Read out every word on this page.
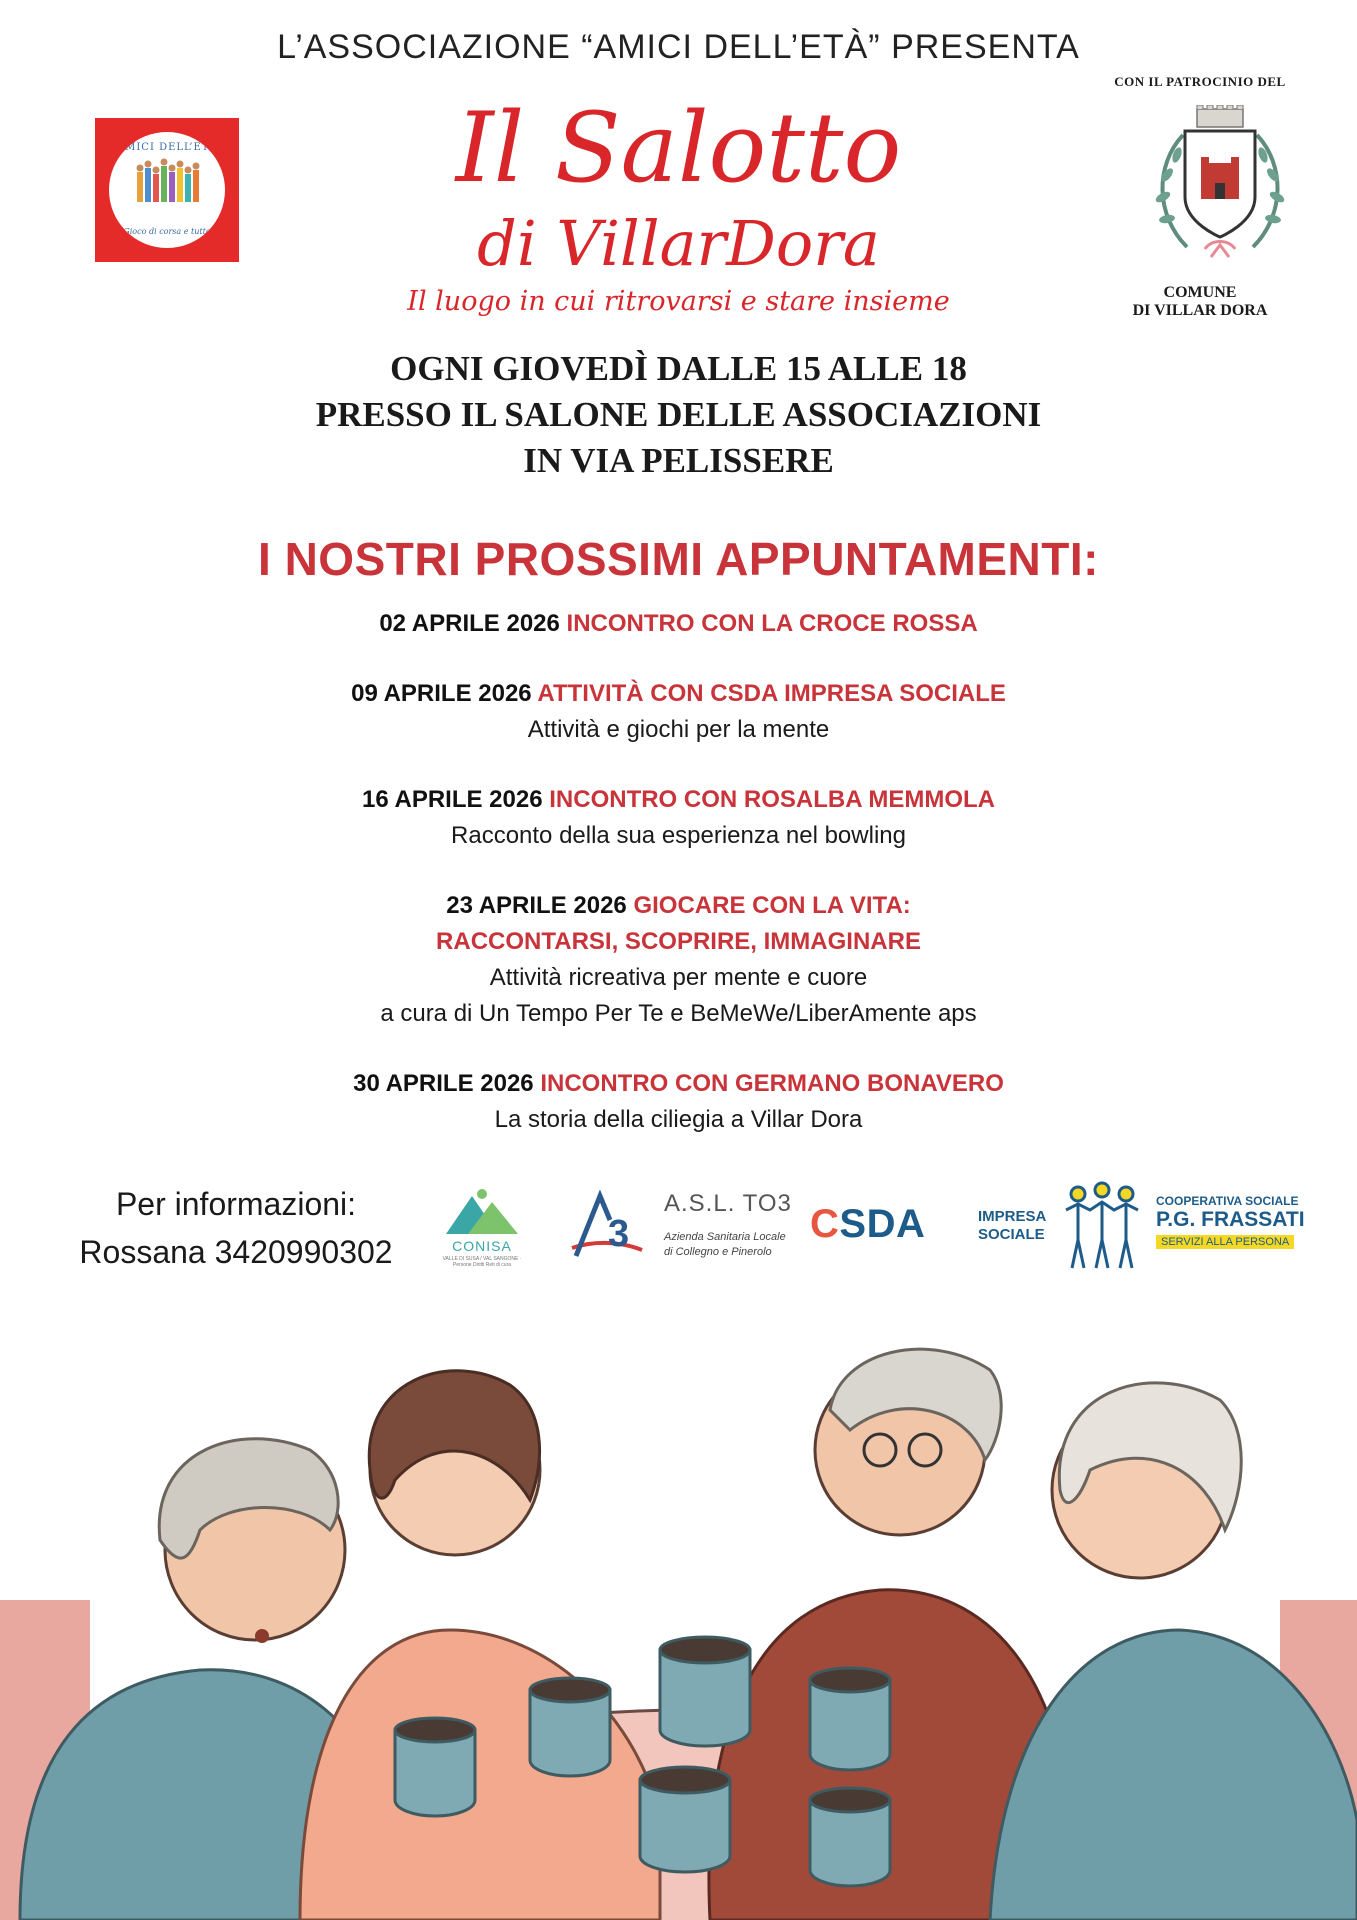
L’ASSOCIAZIONE “AMICI DELL’ETÀ” PRESENTA
AMICI DELL’ETÀ
Gioco di corsa e tutto
Il Salotto
di VillarDora
Il luogo in cui ritrovarsi e stare insieme
CON IL PATROCINIO DEL
COMUNE
DI VILLAR DORA
OGNI GIOVEDÌ DALLE 15 ALLE 18
PRESSO IL SALONE DELLE ASSOCIAZIONI
IN VIA PELISSERE
I NOSTRI PROSSIMI APPUNTAMENTI:
02 APRILE 2026 INCONTRO CON LA CROCE ROSSA
09 APRILE 2026 ATTIVITÀ CON CSDA IMPRESA SOCIALE
Attività e giochi per la mente
16 APRILE 2026 INCONTRO CON ROSALBA MEMMOLA
Racconto della sua esperienza nel bowling
23 APRILE 2026 GIOCARE CON LA VITA:
RACCONTARSI, SCOPRIRE, IMMAGINARE
Attività ricreativa per mente e cuore
a cura di Un Tempo Per Te e BeMeWe/LiberAmente aps
30 APRILE 2026 INCONTRO CON GERMANO BONAVERO
La storia della ciliegia a Villar Dora
Per informazioni:
Rossana 3420990302	CONISA
VALLE DI SUSA / VAL SANGONE · Persone Diritti Reti di cura
3
A.S.L. TO3
Azienda Sanitaria Locale
di Collegno e Pinerolo
CSDA	IMPRESA
SOCIALE
COOPERATIVA SOCIALE
P.G. FRASSATI
SERVIZI ALLA PERSONA
